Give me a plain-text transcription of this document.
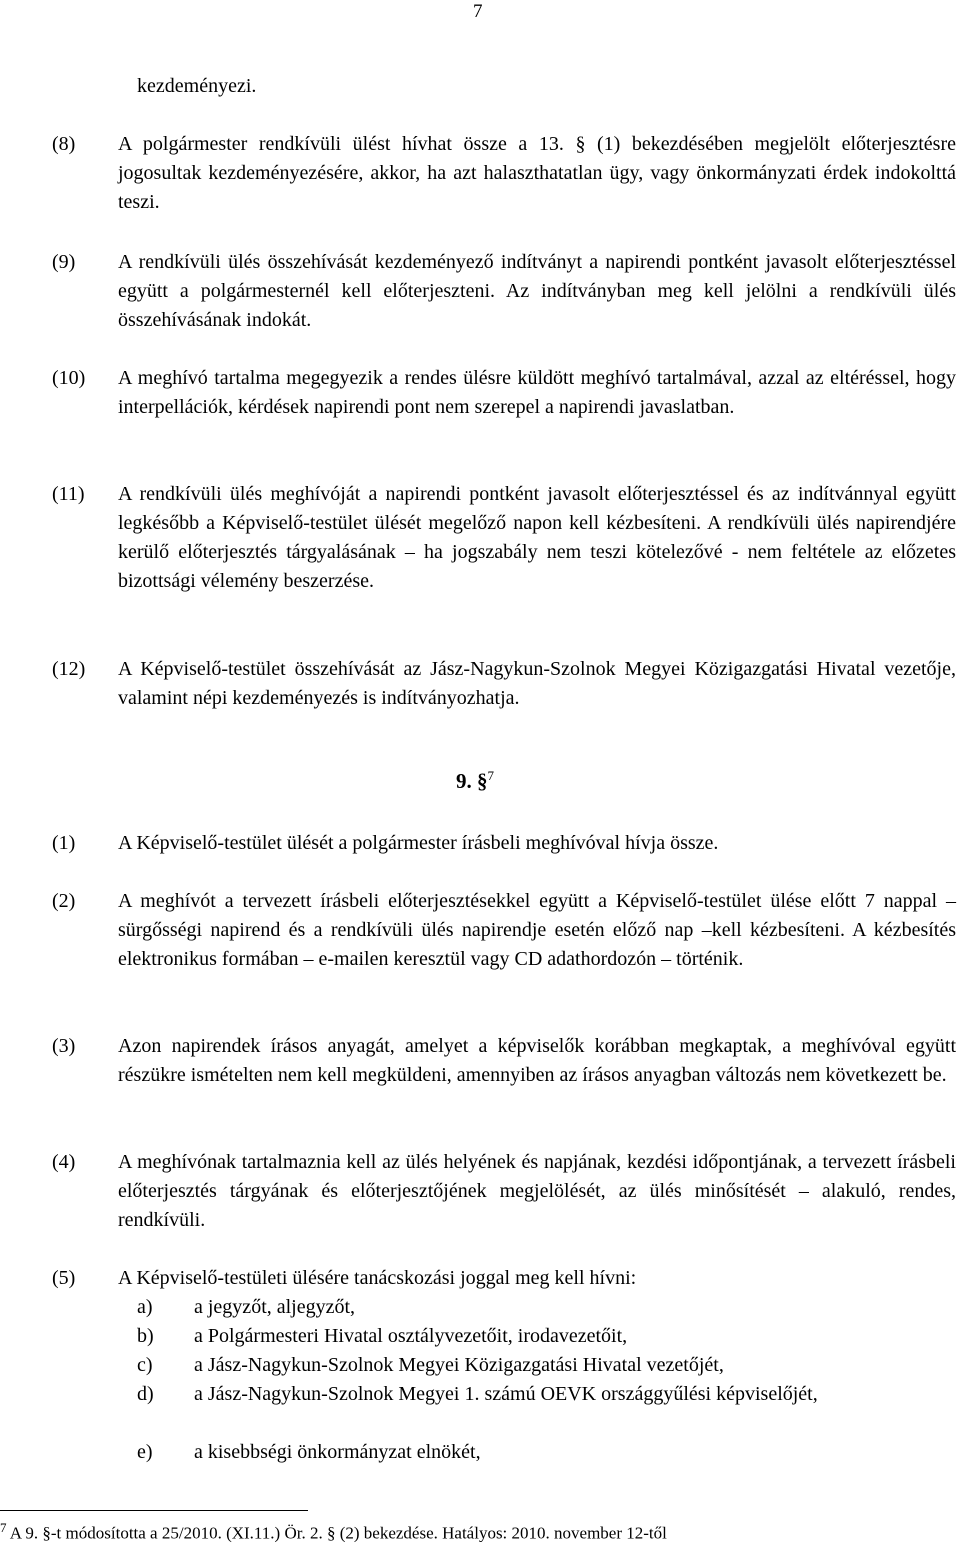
7
kezdeményezi.
(8) A polgármester rendkívüli ülést hívhat össze a 13. § (1) bekezdésében megjelölt előterjesztésre jogosultak kezdeményezésére, akkor, ha azt halaszthatatlan ügy, vagy önkormányzati érdek indokolttá teszi.
(9) A rendkívüli ülés összehívását kezdeményező indítványt a napirendi pontként javasolt előterjesztéssel együtt a polgármesternél kell előterjeszteni. Az indítványban meg kell jelölni a rendkívüli ülés összehívásának indokát.
(10) A meghívó tartalma megegyezik a rendes ülésre küldött meghívó tartalmával, azzal az eltéréssel, hogy interpellációk, kérdések napirendi pont nem szerepel a napirendi javaslatban.
(11) A rendkívüli ülés meghívóját a napirendi pontként javasolt előterjesztéssel és az indítvánnyal együtt legkésőbb a Képviselő-testület ülését megelőző napon kell kézbesíteni. A rendkívüli ülés napirendjére kerülő előterjesztés tárgyalásának – ha jogszabály nem teszi kötelezővé - nem feltétele az előzetes bizottsági vélemény beszerzése.
(12) A Képviselő-testület összehívását az Jász-Nagykun-Szolnok Megyei Közigazgatási Hivatal vezetője, valamint népi kezdeményezés is indítványozhatja.
9. §$^7$
(1) A Képviselő-testület ülését a polgármester írásbeli meghívóval hívja össze.
(2) A meghívót a tervezett írásbeli előterjesztésekkel együtt a Képviselő-testület ülése előtt 7 nappal – sürgősségi napirend és a rendkívüli ülés napirendje esetén előző nap –kell kézbesíteni. A kézbesítés elektronikus formában – e-mailen keresztül vagy CD adathordozón – történik.
(3) Azon napirendek írásos anyagát, amelyet a képviselők korábban megkaptak, a meghívóval együtt részükre ismételten nem kell megküldeni, amennyiben az írásos anyagban változás nem következett be.
(4) A meghívónak tartalmaznia kell az ülés helyének és napjának, kezdési időpontjának, a tervezett írásbeli előterjesztés tárgyának és előterjesztőjének megjelölését, az ülés minősítését – alakuló, rendes, rendkívüli.
(5) A Képviselő-testületi ülésére tanácskozási joggal meg kell hívni:
a) a jegyzőt, aljegyzőt,
b) a Polgármesteri Hivatal osztályvezetőit, irodavezetőit,
c) a Jász-Nagykun-Szolnok Megyei Közigazgatási Hivatal vezetőjét,
d) a Jász-Nagykun-Szolnok Megyei 1. számú OEVK országgyűlési képviselőjét,
e) a kisebbségi önkormányzat elnökét,
$^7$ A 9. §-t módosította a 25/2010. (XI.11.) Ör. 2. § (2) bekezdése. Hatályos: 2010. november 12-től
